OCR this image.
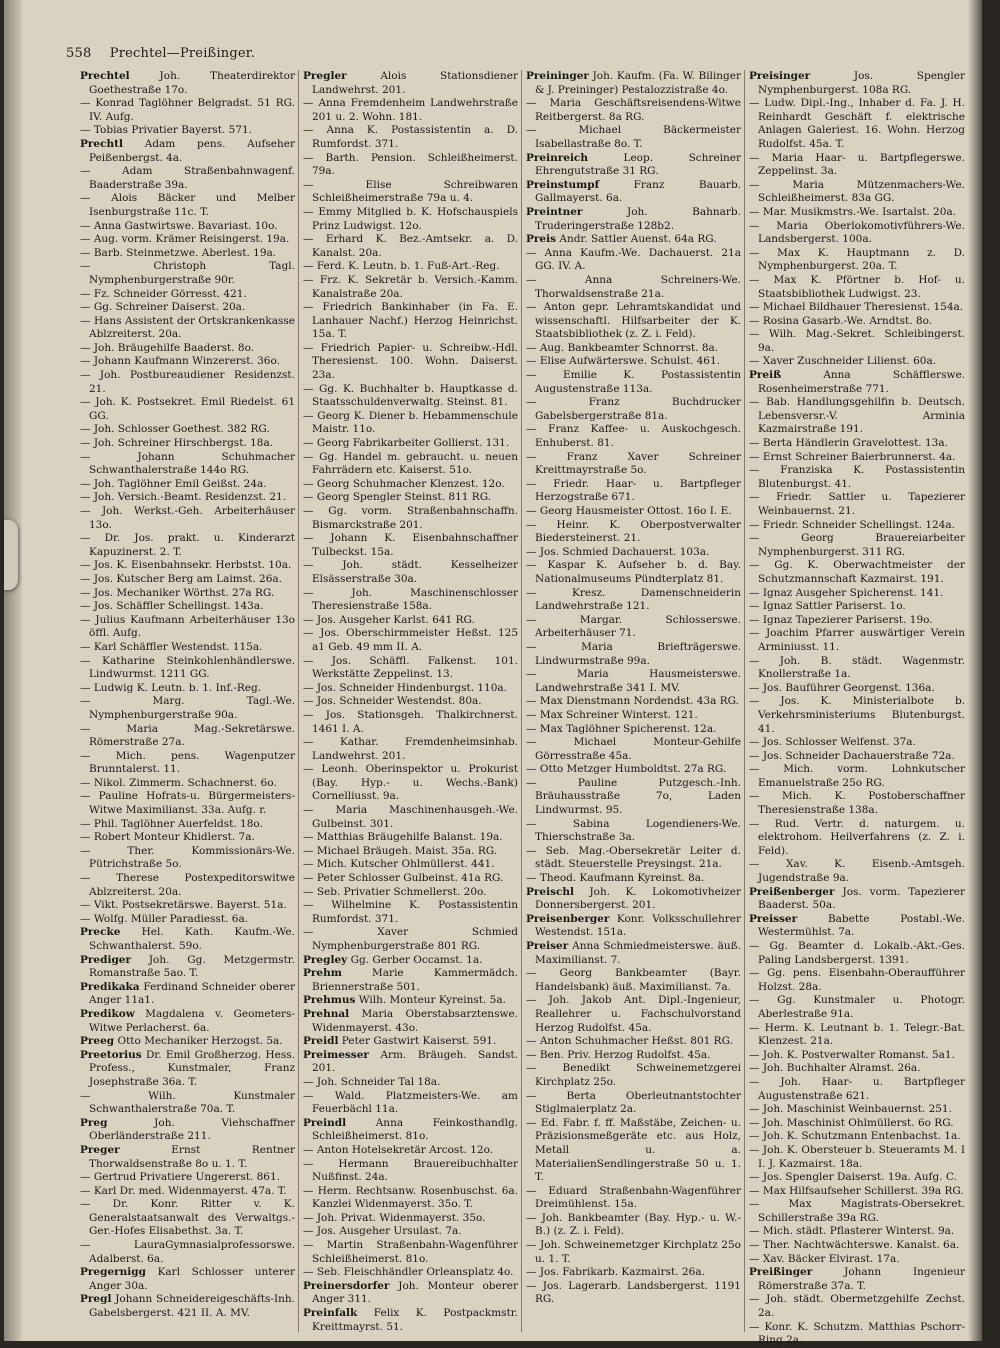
558 Prechtel—Preißinger.

Prechtel	Joh. Theaterdirektor Goethestraße 17o.

— Konrad Taglöhner Belgradst. 51 RG. IV. Aufg.

— Tobias Privatier Bayerst. 571.

Prechtl Adam pens. Aufseher Peißenbergst. 4a.

— Adam Straßenbahnwagenf. Baaderstraße 39a.

— Alois Bäcker und Melber Isenburgstraße 11c. T.

— Anna Gastwirtswe. Bavariast. 10o.

— Aug. vorm. Krämer Reisingerst. 19a.

— Barb. Steinmetzwe. Aberlest. 19a.

— Christoph Tagl. Nymphenburgerstraße 90r.

— Fz. Schneider Görresst. 421.

— Gg. Schreiner Daiserst. 20a.

— Hans Assistent der Ortskrankenkasse Ablzreiterst. 20a.

— Joh. Bräugehilfe Baaderst. 8o.

— Johann Kaufmann Winzererst. 36o.

— Joh. Postbureaudiener Residenzst. 21.

— Joh. K. Postsekret. Emil Riedelst. 61 GG.

— Joh. Schlosser Goethest. 382 RG.

— Joh. Schreiner Hirschbergst. 18a.

— Johann Schuhmacher Schwanthalerstraße 144o RG.

— Joh. Taglöhner Emil Geißst. 24a.

— Joh. Versich.-Beamt. Residenzst. 21.

— Joh. Werkst.-Geh. Arbeiterhäuser 13o.

— Dr. Jos. prakt. u. Kinderarzt Kapuzinerst. 2. T.

— Jos. K. Eisenbahnsekr. Herbstst. 10a.

— Jos. Kutscher Berg am Laimst. 26a.

— Jos. Mechaniker Wörthst. 27a RG.

— Jos. Schäffler Schellingst. 143a.

— Julius Kaufmann Arbeiterhäuser 13o öffl. Aufg.

— Karl Schäffler Westendst. 115a.

— Katharine Steinkohlenhändlerswe. Lindwurmst. 1211 GG.

— Ludwig K. Leutn. b. 1. Inf.-Reg.

— Marg. Tagl.-We. Nymphenburgerstraße 90a.

— Maria Mag.-Sekretärswe. Römerstraße 27a.

— Mich. pens. Wagenputzer Brunntalerst. 11.

— Nikol. Zimmerm. Schachnerst. 6o.

— Pauline Hofrats-u. Bürgermeisters-Witwe Maximilianst. 33a. Aufg. r.

— Phil. Taglöhner Auerfeldst. 18o.

— Robert Monteur Khidlerst. 7a.

— Ther. Kommissionärs-We. Pütrichstraße 5o.

— Therese Postexpeditorswitwe Ablzreiterst. 20a.

— Vikt. Postsekretärswe. Bayerst. 51a.

— Wolfg. Müller Paradiesst. 6a.

Precke Hel. Kath. Kaufm.-We. Schwanthalerst. 59o.

Prediger Joh. Gg. Metzgermstr. Romanstraße 5ao. T.

Predikaka Ferdinand Schneider oberer Anger 11a1.

Predikow Magdalena v. Geometers-Witwe Perlacherst. 6a.

Preeg Otto Mechaniker Herzogst. 5a.

Preetorius Dr. Emil Großherzog. Hess. Profess., Kunstmaler, Franz Josephstraße 36a. T.

— Wilh. Kunstmaler Schwanthalerstraße 70a. T.

Preg	Joh. Viehschaffner Oberländerstraße 211.

Preger	Ernst Rentner Thorwaldsenstraße 8o u. 1. T.

— Gertrud Privatiere Ungererst. 861.

— Karl Dr. med. Widenmayerst. 47a. T.

— Dr. Konr. Ritter v. K. Generalstaatsanwalt des Verwaltgs.-Ger.-Hofes Elisabethst. 3a. T.

— LauraGymnasialprofessorswe. Adalberst. 6a.

Pregernigg Karl Schlosser unterer Anger 30a.

Pregl Johann Schneidereigeschäfts-Inh. Gabelsbergerst. 421 II. A. MV.

Pregler	Alois Stationsdiener Landwehrst. 201.

— Anna Fremdenheim Landwehrstraße 201 u. 2. Wohn. 181.

— Anna K. Postassistentin a. D. Rumfordst. 371.

— Barth. Pension. Schleißheimerst. 79a.

— Elise Schreibwaren Schleißheimerstraße 79a u. 4.

— Emmy Mitglied b. K. Hofschauspiels Prinz Ludwigst. 12o.

— Erhard K. Bez.-Amtsekr. a. D. Kanalst. 20a.

— Ferd. K. Leutn. b. 1. Fuß-Art.-Reg.

— Frz. K. Sekretär b. Versich.-Kamm. Kanalstraße 20a.

— Friedrich Bankinhaber (in Fa. E. Lanhauer Nachf.) Herzog Heinrichst. 15a. T.

— Friedrich Papier- u. Schreibw.-Hdl. Theresienst. 100. Wohn. Daiserst. 23a.

— Gg. K. Buchhalter b. Hauptkasse d. Staatsschuldenverwaltg. Steinst. 81.

— Georg K. Diener b. Hebammenschule Maistr. 11o.

— Georg Fabrikarbeiter Gollierst. 131.

— Gg. Handel m. gebraucht. u. neuen Fahrrädern etc. Kaiserst. 51o.

— Georg Schuhmacher Klenzest. 12o.

— Georg Spengler Steinst. 811 RG.

— Gg. vorm. Straßenbahnschaffn. Bismarckstraße 201.

— Johann K. Eisenbahnschaffner Tulbeckst. 15a.

— Joh. städt. Kesselheizer Elsässerstraße 30a.

— Joh. Maschinenschlosser Theresienstraße 158a.

— Jos. Ausgeher Karlst. 641 RG.

— Jos. Oberschirmmeister Heßst. 125 a1 Geb. 49 mm II. A.

— Jos. Schäffl. Falkenst. 101. Werkstätte Zeppelinst. 13.

— Jos. Schneider Hindenburgst. 110a.

— Jos. Schneider Westendst. 80a.

— Jos. Stationsgeh. Thalkirchnerst. 1461 I. A.

— Kathar. Fremdenheimsinhab. Landwehrst. 201.

— Leonh. Oberinspektor u. Prokurist (Bay. Hyp.- u. Wechs.-Bank) Cornelliusst. 9a.

— Maria Maschinenhausgeh.-We. Gulbeinst. 301.

— Matthias Bräugehilfe Balanst. 19a.

— Michael Bräugeh. Maist. 35a. RG.

— Mich. Kutscher Ohlmüllerst. 441.

— Peter Schlosser Gulbeinst. 41a RG.

— Seb. Privatier Schmellerst. 20o.

— Wilhelmine K. Postassistentin Rumfordst. 371.

— Xaver Schmied Nymphenburgerstraße 801 RG.

Pregley Gg. Gerber Occamst. 1a.

Prehm	Marie Kammermädch. Briennerstraße 501.

Prehmus Wilh. Monteur Kyreinst. 5a.

Prehnal Maria Oberstabsarztenswe. Widenmayerst. 43o.

Preidl Peter Gastwirt Kaiserst. 591.

Preimesser Arm. Bräugeh. Sandst. 201.

— Joh. Schneider Tal 18a.

— Wald. Platzmeisters-We. am Feuerbächl 11a.

Preindl	Anna Feinkosthandlg. Schleißheimerst. 81o.

— Anton Hotelsekretär Arcost. 12o.

— Hermann Brauereibuchhalter Nußfinst. 24a.

— Herm. Rechtsanw. Rosenbuschst. 6a. Kanzlei Widenmayerst. 35o. T.

— Joh. Privat. Widenmayerst. 35o.

— Jos. Ausgeher Ursulast. 7a.

— Martin Straßenbahn-Wagenführer Schleißheimerst. 81o.

— Seb. Fleischhändler Orleansplatz 4o.

Preinersdorfer Joh. Monteur oberer Anger 311.

Preinfalk Felix K. Postpackmstr. Kreittmayrst. 51.

Preininger Joh. Kaufm. (Fa. W. Bilinger & J. Preininger) Pestalozzistraße 4o.

— Maria Geschäftsreisendens-Witwe Reitbergerst. 8a RG.

— Michael Bäckermeister Isabellastraße 8o. T.

Preinreich	Leop. Schreiner Ehrengutstraße 31 RG.

Preinstumpf	Franz Bauarb. Gallmayerst. 6a.

Preintner	Joh. Bahnarb. Truderingerstraße 128b2.

Preis Andr. Sattler Auenst. 64a RG.

— Anna Kaufm.-We. Dachauerst. 21a GG. IV. A.

— Anna Schreiners-We. Thorwaldsenstraße 21a.

— Anton gepr. Lehramtskandidat und wissenschaftl. Hilfsarbeiter der K. Staatsbibliothek (z. Z. i. Feld).

— Aug. Bankbeamter Schnorrst. 8a.

— Elise Aufwärterswe. Schulst. 461.

— Emilie K. Postassistentin Augustenstraße 113a.

— Franz Buchdrucker Gabelsbergerstraße 81a.

— Franz Kaffee- u. Auskochgesch. Enhuberst. 81.

— Franz Xaver Schreiner Kreittmayrstraße 5o.

— Friedr. Haar- u. Bartpfleger Herzogstraße 671.

— Georg Hausmeister Ottost. 16o I. E.

— Heinr. K. Oberpostverwalter Biedersteinerst. 21.

— Jos. Schmied Dachauerst. 103a.

— Kaspar K. Aufseher b. d. Bay. Nationalmuseums Pündterplatz 81.

— Kresz. Damenschneiderin Landwehrstraße 121.

— Margar. Schlosserswe. Arbeiterhäuser 71.

— Maria Briefträgerswe. Lindwurmstraße 99a.

— Maria Hausmeisterswe. Landwehrstraße 341 I. MV.

— Max Dienstmann Nordendst. 43a RG.

— Max Schreiner Winterst. 121.

— Max Taglöhner Spicherenst. 12a.

— Michael Monteur-Gehilfe Görresstraße 45a.

— Otto Metzger Humboldtst. 27a RG.

— Pauline Putzgesch.-Inh. Bräuhausstraße 7o, Laden Lindwurmst. 95.

— Sabina Logendieners-We. Thierschstraße 3a.

— Seb. Mag.-Obersekretär Leiter d. städt. Steuerstelle Preysingst. 21a.

— Theod. Kaufmann Kyreinst. 8a.

Preischl Joh. K. Lokomotivheizer Donnersbergerst. 201.

Preisenberger Konr. Volksschullehrer Westendst. 151a.

Preiser Anna Schmiedmeisterswe. äuß. Maximilianst. 7.

— Georg Bankbeamter (Bayr. Handelsbank) äuß. Maximilianst. 7a.

— Joh. Jakob Ant. Dipl.-Ingenieur, Reallehrer u. Fachschulvorstand Herzog Rudolfst. 45a.

— Anton Schuhmacher Heßst. 801 RG.

— Ben. Priv. Herzog Rudolfst. 45a.

— Benedikt Schweinemetzgerei Kirchplatz 25o.

— Berta Oberleutnantstochter Stiglmaierplatz 2a.

— Ed. Fabr. f. ff. Maßstäbe, Zeichen- u. Präzisionsmeßgeräte etc. aus Holz, Metall u. a. MaterialienSendlingerstraße 50 u. 1. T.

— Eduard Straßenbahn-Wagenführer Dreimühlenst. 15a.

— Joh. Bankbeamter (Bay. Hyp.- u. W.-B.) (z. Z. i. Feld).

— Joh. Schweinemetzger Kirchplatz 25o u. 1. T.

— Jos. Fabrikarb. Kazmairst. 26a.

— Jos. Lagerarb. Landsbergerst. 1191 RG.

Preisinger	Jos. Spengler Nymphenburgerst. 108a RG.

— Ludw. Dipl.-Ing., Inhaber d. Fa. J. H. Reinhardt Geschäft f. elektrische Anlagen Galeriest. 16. Wohn. Herzog Rudolfst. 45a. T.

— Maria Haar- u. Bartpflegerswe. Zeppelinst. 3a.

— Maria Mützenmachers-We. Schleißheimerst. 83a GG.

— Mar. Musikmstrs.-We. Isartalst. 20a.

— Maria Oberlokomotivführers-We. Landsbergerst. 100a.

— Max K. Hauptmann z. D. Nymphenburgerst. 20a. T.

— Max K. Pförtner b. Hof- u. Staatsbibliothek Ludwigst. 23.

— Michael Bildhauer Theresienst. 154a.

— Rosina Gasarb.-We. Arndtst. 8o.

— Wilh. Mag.-Sekret. Schleibingerst. 9a.

— Xaver Zuschneider Lilienst. 60a.

Preiß	Anna Schäfflerswe. Rosenheimerstraße 771.

— Bab. Handlungsgehilfin b. Deutsch. Lebensversr.-V. Arminia Kazmairstraße 191.

— Berta Händlerin Gravelottest. 13a.

— Ernst Schreiner Baierbrunnerst. 4a.

— Franziska K. Postassistentin Blutenburgst. 41.

— Friedr. Sattler u. Tapezierer Weinbauernst. 21.

— Friedr. Schneider Schellingst. 124a.

— Georg Brauereiarbeiter Nymphenburgerst. 311 RG.

— Gg. K. Oberwachtmeister der Schutzmannschaft Kazmairst. 191.

— Ignaz Ausgeher Spicherenst. 141.

— Ignaz Sattler Pariserst. 1o.

— Ignaz Tapezierer Pariserst. 19o.

— Joachim Pfarrer auswärtiger Verein Arminiusst. 11.

— Joh. B. städt. Wagenmstr. Knollerstraße 1a.

— Jos. Bauführer Georgenst. 136a.

— Jos. K. Ministerialbote b. Verkehrsministeriums Blutenburgst. 41.

— Jos. Schlosser Welfenst. 37a.

— Jos. Schneider Dachauerstraße 72a.

— Mich. vorm. Lohnkutscher Emanuelstraße 25o RG.

— Mich. K. Postoberschaffner Theresienstraße 138a.

— Rud. Vertr. d. naturgem. u. elektrohom. Heilverfahrens (z. Z. i. Feld).

— Xav. K. Eisenb.-Amtsgeh. Jugendstraße 9a.

Preißenberger Jos. vorm. Tapezierer Baaderst. 50a.

Preisser	Babette Postabl.-We. Westermühlst. 7a.

— Gg. Beamter d. Lokalb.-Akt.-Ges. Paling Landsbergerst. 1391.

— Gg. pens. Eisenbahn-Oberaufführer Holzst. 28a.

— Gg. Kunstmaler u. Photogr. Aberlestraße 91a.

— Herm. K. Leutnant b. 1. Telegr.-Bat. Klenzest. 21a.

— Joh. K. Postverwalter Romanst. 5a1.

— Joh. Buchhalter Alramst. 26a.

— Joh. Haar- u. Bartpfleger Augustenstraße 621.

— Joh. Maschinist Weinbauernst. 251.

— Joh. Maschinist Ohlmüllerst. 6o RG.

— Joh. K. Schutzmann Entenbachst. 1a.

— Joh. K. Obersteuer b. Steueramts M. I I. J. Kazmairst. 18a.

— Jos. Spengler Daiserst. 19a. Aufg. C.

— Max Hilfsaufseher Schillerst. 39a RG.

— Max Magistrats-Obersekret. Schillerstraße 39a RG.

— Mich. städt. Pflasterer Winterst. 9a.

— Ther. Nachtwächterswe. Kanalst. 6a.

— Xav. Bäcker Elvirast. 17a.

Preißinger	Johann Ingenieur Römerstraße 37a. T.

— Joh. städt. Obermetzgehilfe Zechst. 2a.

— Konr. K. Schutzm. Matthias Pschorr-Ring 2a.
